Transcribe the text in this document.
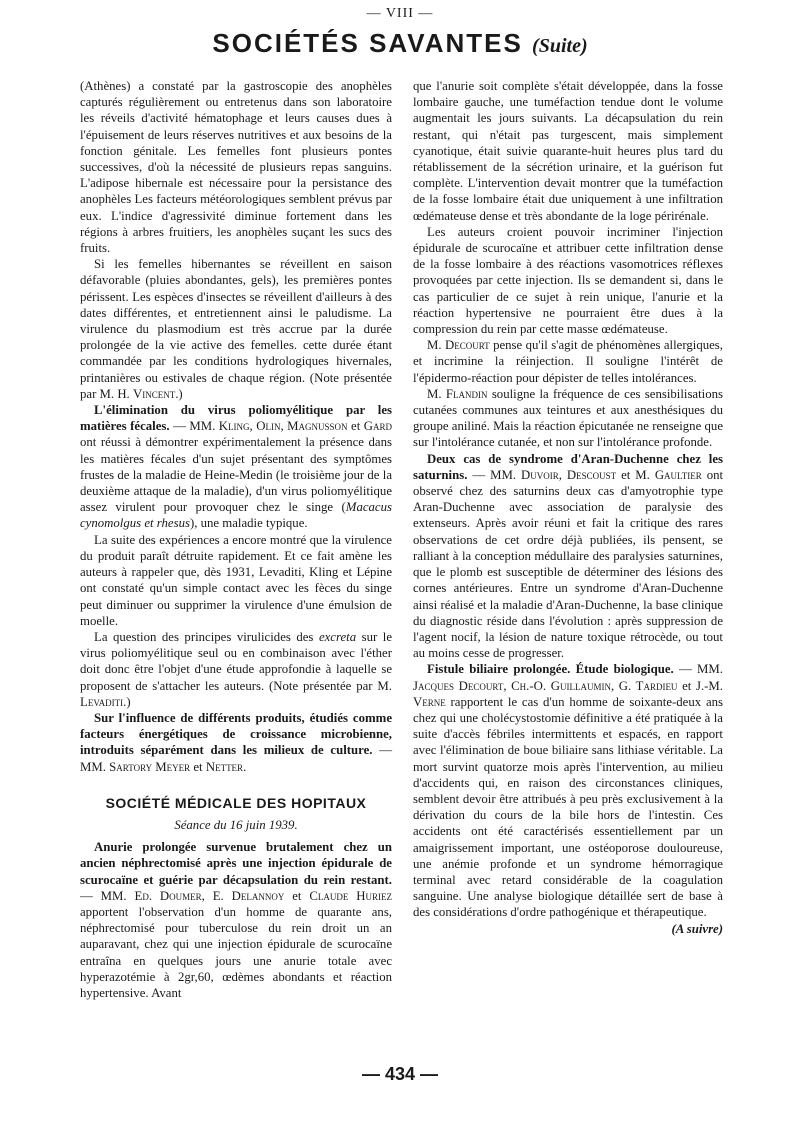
— VIII —
SOCIÉTÉS SAVANTES (Suite)

(Athènes) a constaté par la gastroscopie des anophèles capturés régulièrement ou entretenus dans son laboratoire les réveils d'activité hématophage et leurs causes dues à l'épuisement de leurs réserves nutritives et aux besoins de la fonction génitale. Les femelles font plusieurs pontes successives, d'où la nécessité de plusieurs repas sanguins. L'adipose hibernale est nécessaire pour la persistance des anophèles Les facteurs météorologiques semblent prévus par eux. L'indice d'agressivité diminue fortement dans les régions à arbres fruitiers, les anophèles suçant les sucs des fruits.

Si les femelles hibernantes se réveillent en saison défavorable (pluies abondantes, gels), les premières pontes périssent. Les espèces d'insectes se réveillent d'ailleurs à des dates différentes, et entretiennent ainsi le paludisme. La virulence du plasmodium est très accrue par la durée prolongée de la vie active des femelles. cette durée étant commandée par les conditions hydrologiques hivernales, printanières ou estivales de chaque région. (Note présentée par M. H. Vincent.)

L'élimination du virus poliomyélitique par les matières fécales. — MM. Kling, Olin, Magnusson et Gard ont réussi à démontrer expérimentalement la présence dans les matières fécales d'un sujet présentant des symptômes frustes de la maladie de Heine-Medin (le troisième jour de la deuxième attaque de la maladie), d'un virus poliomyélitique assez virulent pour provoquer chez le singe (Macacus cynomolgus et rhesus), une maladie typique.

La suite des expériences a encore montré que la virulence du produit paraît détruite rapidement. Et ce fait amène les auteurs à rappeler que, dès 1931, Levaditi, Kling et Lépine ont constaté qu'un simple contact avec les fèces du singe peut diminuer ou supprimer la virulence d'une émulsion de moelle.

La question des principes virulicides des excreta sur le virus poliomyélitique seul ou en combinaison avec l'éther doit donc être l'objet d'une étude approfondie à laquelle se proposent de s'attacher les auteurs. (Note présentée par M. Levaditi.)

Sur l'influence de différents produits, étudiés comme facteurs énergétiques de croissance microbienne, introduits séparément dans les milieux de culture. — MM. Sartory Meyer et Netter.

SOCIÉTÉ MÉDICALE DES HOPITAUX
Séance du 16 juin 1939.

Anurie prolongée survenue brutalement chez un ancien néphrectomisé après une injection épidurale de scurocaïne et guérie par décapsulation du rein restant. — MM. Ed. Doumer, E. Delannoy et Claude Huriez apportent l'observation d'un homme de quarante ans, néphrectomisé pour tuberculose du rein droit un an auparavant, chez qui une injection épidurale de scurocaïne entraîna en quelques jours une anurie totale avec hyperazotémie à 2gr,60, œdèmes abondants et réaction hypertensive. Avant

que l'anurie soit complète s'était développée, dans la fosse lombaire gauche, une tuméfaction tendue dont le volume augmentait les jours suivants. La décapsulation du rein restant, qui n'était pas turgescent, mais simplement cyanotique, était suivie quarante-huit heures plus tard du rétablissement de la sécrétion urinaire, et la guérison fut complète. L'intervention devait montrer que la tuméfaction de la fosse lombaire était due uniquement à une infiltration œdémateuse dense et très abondante de la loge périrénale.

Les auteurs croient pouvoir incriminer l'injection épidurale de scurocaïne et attribuer cette infiltration dense de la fosse lombaire à des réactions vasomotrices réflexes provoquées par cette injection. Ils se demandent si, dans le cas particulier de ce sujet à rein unique, l'anurie et la réaction hypertensive ne pourraient être dues à la compression du rein par cette masse œdémateuse.

M. Decourt pense qu'il s'agit de phénomènes allergiques, et incrimine la réinjection. Il souligne l'intérêt de l'épidermo-réaction pour dépister de telles intolérances.

M. Flandin souligne la fréquence de ces sensibilisations cutanées communes aux teintures et aux anesthésiques du groupe aniliné. Mais la réaction épicutanée ne renseigne que sur l'intolérance cutanée, et non sur l'intolérance profonde.

Deux cas de syndrome d'Aran-Duchenne chez les saturnins. — MM. Duvoir, Descoust et M. Gaultier ont observé chez des saturnins deux cas d'amyotrophie type Aran-Duchenne avec association de paralysie des extenseurs. Après avoir réuni et fait la critique des rares observations de cet ordre déjà publiées, ils pensent, se ralliant à la conception médullaire des paralysies saturnines, que le plomb est susceptible de déterminer des lésions des cornes antérieures. Entre un syndrome d'Aran-Duchenne ainsi réalisé et la maladie d'Aran-Duchenne, la base clinique du diagnostic réside dans l'évolution : après suppression de l'agent nocif, la lésion de nature toxique rétrocède, ou tout au moins cesse de progresser.

Fistule biliaire prolongée. Étude biologique. — MM. Jacques Decourt, Ch.-O. Guillaumin, G. Tardieu et J.-M. Verne rapportent le cas d'un homme de soixante-deux ans chez qui une cholécystostomie définitive a été pratiquée à la suite d'accès fébriles intermittents et espacés, en rapport avec l'élimination de boue biliaire sans lithiase véritable. La mort survint quatorze mois après l'intervention, au milieu d'accidents qui, en raison des circonstances cliniques, semblent devoir être attribués à peu près exclusivement à la dérivation du cours de la bile hors de l'intestin. Ces accidents ont été caractérisés essentiellement par un amaigrissement important, une ostéoporose douloureuse, une anémie profonde et un syndrome hémorragique terminal avec retard considérable de la coagulation sanguine. Une analyse biologique détaillée sert de base à des considérations d'ordre pathogénique et thérapeutique.
(A suivre)

— 434 —
